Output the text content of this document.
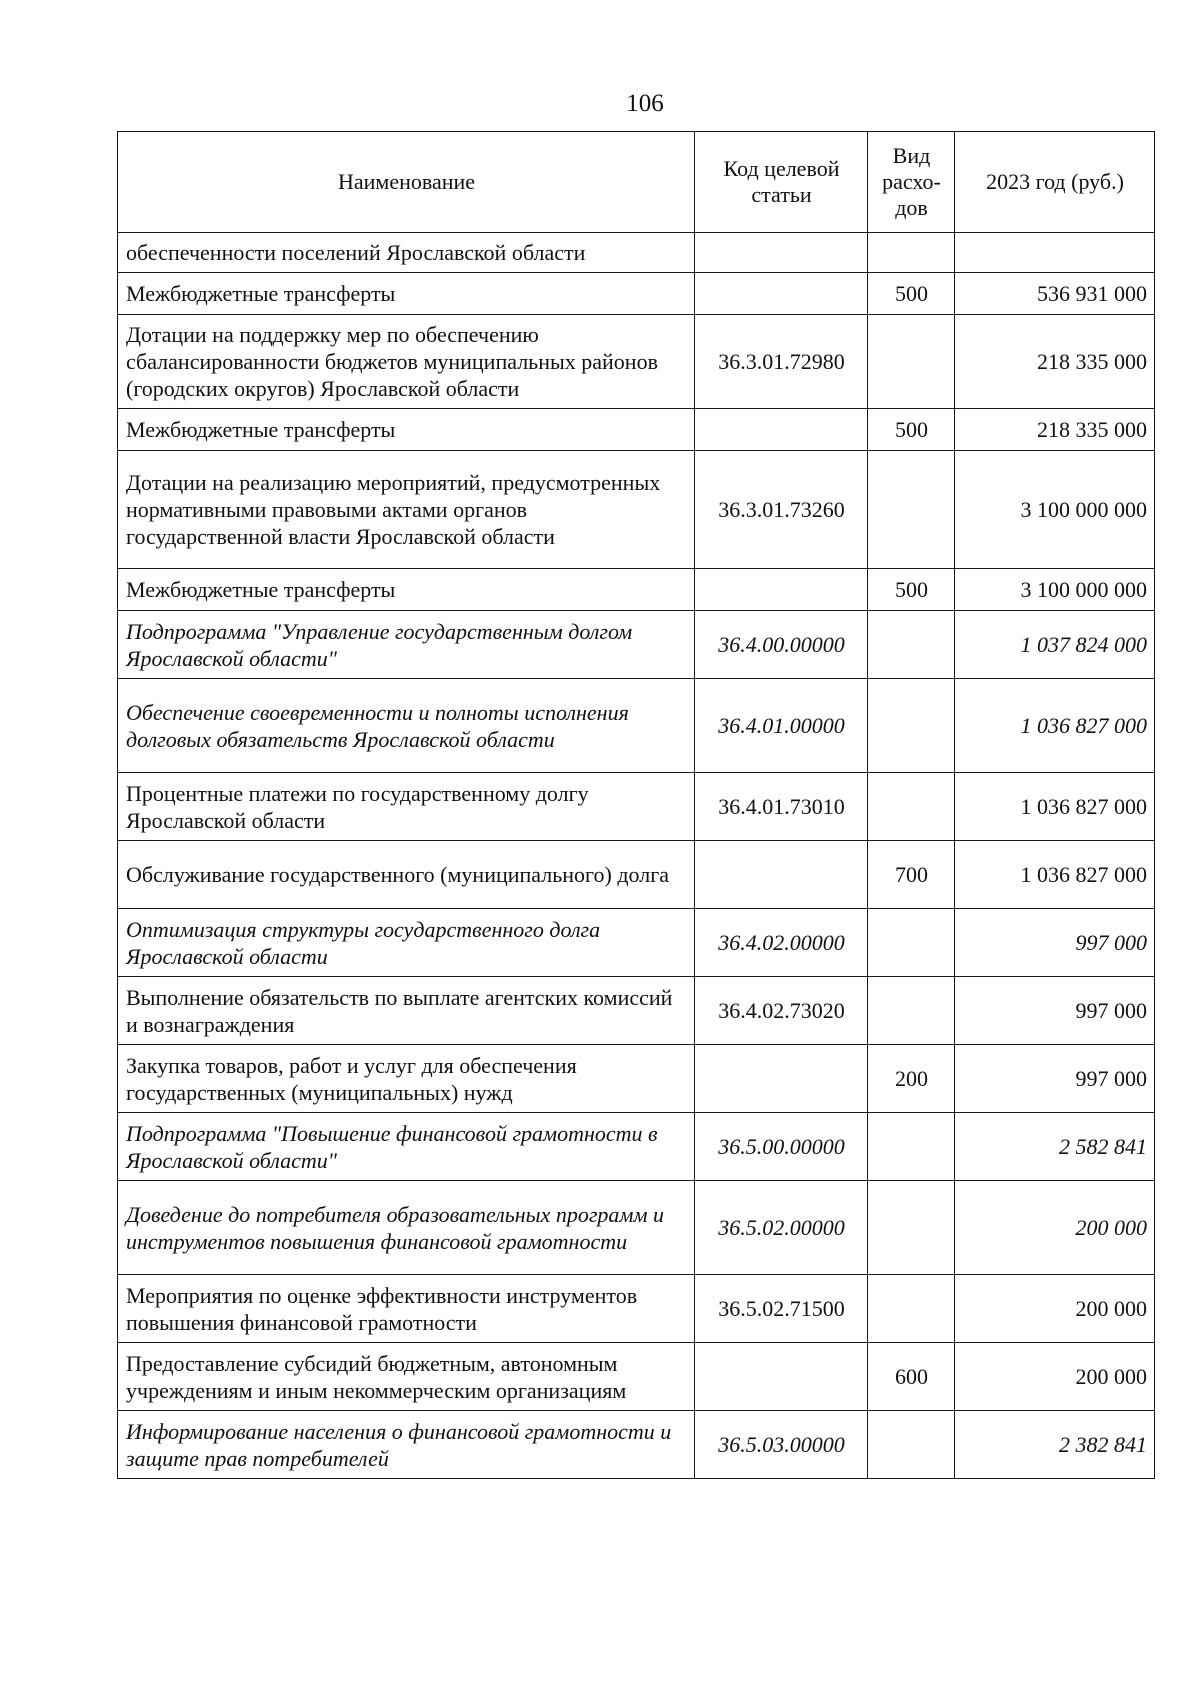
106
Наименование	Код целевой статьи	Вид расхо-дов	2023 год (руб.)
обеспеченности поселений Ярославской области			
Межбюджетные трансферты		500	536 931 000
Дотации на поддержку мер по обеспечению сбалансированности бюджетов муниципальных районов (городских округов) Ярославской области	36.3.01.72980		218 335 000
Межбюджетные трансферты		500	218 335 000
Дотации на реализацию мероприятий, предусмотренных нормативными правовыми актами органов государственной власти Ярославской области	36.3.01.73260		3 100 000 000
Межбюджетные трансферты		500	3 100 000 000
Подпрограмма "Управление государственным долгом Ярославской области"	36.4.00.00000		1 037 824 000
Обеспечение своевременности и полноты исполнения долговых обязательств Ярославской области	36.4.01.00000		1 036 827 000
Процентные платежи по государственному долгу Ярославской области	36.4.01.73010		1 036 827 000
Обслуживание государственного (муниципального) долга		700	1 036 827 000
Оптимизация структуры государственного долга Ярославской области	36.4.02.00000		997 000
Выполнение обязательств по выплате агентских комиссий и вознаграждения	36.4.02.73020		997 000
Закупка товаров, работ и услуг для обеспечения государственных (муниципальных) нужд		200	997 000
Подпрограмма "Повышение финансовой грамотности в Ярославской области"	36.5.00.00000		2 582 841
Доведение до потребителя образовательных программ и инструментов повышения финансовой грамотности	36.5.02.00000		200 000
Мероприятия по оценке эффективности инструментов повышения финансовой грамотности	36.5.02.71500		200 000
Предоставление субсидий бюджетным, автономным учреждениям и иным некоммерческим организациям		600	200 000
Информирование населения о финансовой грамотности и защите прав потребителей	36.5.03.00000		2 382 841
